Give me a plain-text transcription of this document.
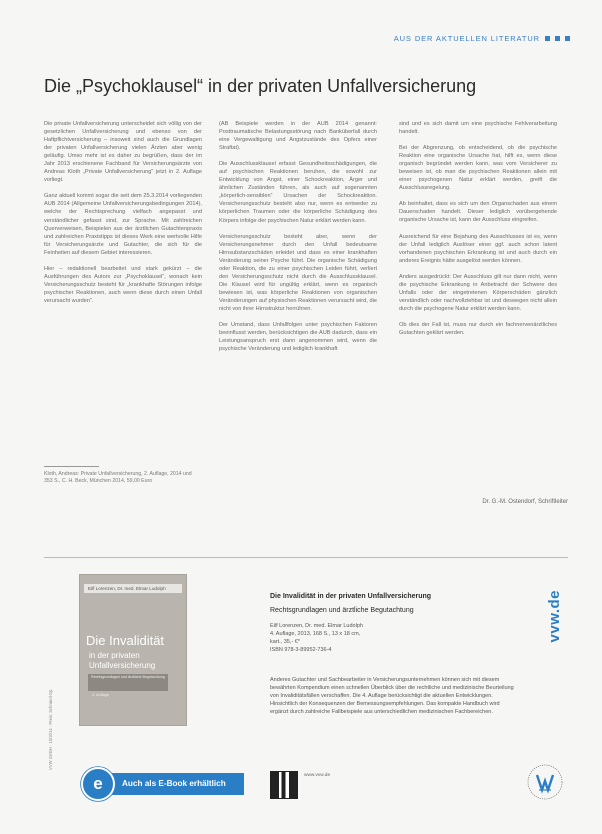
AUS DER AKTUELLEN LITERATUR
Die „Psychoklausel“ in der privaten Unfallversicherung

Die private Unfallversicherung unterscheidet sich völlig von der gesetzlichen Unfallversicherung und ebenso von der Haftpflichtversicherung – insoweit sind auch die Grundlagen der privaten Unfallversicherung vielen Ärzten aber wenig geläufig. Umso mehr ist es daher zu begrüßen, dass der im Jahr 2013 erschienene Fachband für Versicherungsärzte von Andreas Kloth „Private Unfallversicherung“ jetzt in 2. Auflage vorliegt.

Ganz aktuell kommt sogar die seit dem 25.3.2014 vorliegenden AUB 2014 (Allgemeine Unfallversicherungsbedingungen 2014), welche der Rechtsprechung vielfach angepasst und verständlicher gefasst sind, zur Sprache. Mit zahlreichen Querverweisen, Beispielen aus der ärztlichen Gutachtenpraxis und zahlreichen Praxistipps ist dieses Werk eine wertvolle Hilfe für Versicherungsärzte und Gutachter, die sich für die Feinheiten auf diesem Gebiet interessieren.

Hier – redaktionell bearbeitet und stark gekürzt – die Ausführungen des Autors zur „Psychoklausel“, wonach kein Versicherungsschutz besteht für „krankhafte Störungen infolge psychischer Reaktionen, auch wenn diese durch einen Unfall verursacht wurden“.

Kloth, Andreas: Private Unfallversicherung, 2. Auflage, 2014 und 353 S., C. H. Beck, München 2014, 59,00 Euro

(AB Beispiele werden in der AUB 2014 genannt: Posttraumatische Belastungsstörung nach Banküberfall durch eine Vergewaltigung und Angstzustände des Opfers einer Straftat).

Die Ausschlussklausel erfasst Gesundheitsschädigungen, die auf psychischen Reaktionen beruhen, die sowohl zur Entwicklung von Angst, einer Schockreaktion, Ärger und ähnlichen Zuständen führen, als auch auf sogenannten „körperlich-sensiblen“ Ursachen der Schockreaktion. Versicherungsschutz besteht also nur, wenn es entweder zu körperlichen Traumen oder die körperliche Schädigung des Körpers infolge der psychischen Natur erklärt werden kann.

Versicherungsschutz besteht aber, wenn der Versicherungsnehmer durch den Unfall bedeutsame Hirnsubstanzschäden erleidet und dass es einer krankhaften Veränderung seiner Psyche führt. Die organische Schädigung oder Reaktion, die zu einer psychischen Leiden führt, verliert den Versicherungsschutz nicht durch die Ausschlussklausel. Die Klausel wird für ungültig erklärt, wenn es organisch bewiesen ist, was körperliche Reaktionen von organischen Veränderungen auf physischen Reaktionen verursacht wird, die nicht von ihrer Hirnstruktur herrühren.

Der Umstand, dass Unfallfolgen unter psychischen Faktoren beeinflusst werden, berücksichtigen die AUB dadurch, dass ein Leistungsanspruch erst dann angenommen wird, wenn die psychische Veränderung und lediglich krankhaft

sind und es sich damit um eine psychische Fehlverarbeitung handelt.

Bei der Abgrenzung, ob entscheidend, ob die psychische Reaktion eine organische Ursache hat, hilft es, wenn diese organisch begründet werden kann, was vom Versicherer zu beweisen ist, ob man die psychischen Reaktionen allein mit einer psychogenen Natur erklärt werden, greift die Ausschlussregelung.

Ab beinhaltet, dass es sich um den Organschaden aus einem Dauerschaden handelt. Dieser lediglich vorübergehende organische Ursache ist, kann der Ausschluss eingreifen.

Ausreichend für eine Bejahung des Ausschlusses ist es, wenn der Unfall lediglich Auslöser einer ggf. auch schon latent vorhandenen psychischen Erkrankung ist und auch durch ein anderes Ereignis hätte ausgelöst werden können.

Anders ausgedrückt: Der Ausschluss gilt nur dann nicht, wenn die psychische Erkrankung in Anbetracht der Schwere des Unfalls oder der eingetretenen Körperschäden gänzlich verständlich oder nachvollziehbar ist und deswegen nicht allein durch die psychogene Natur erklärt werden kann.

Ob dies der Fall ist, muss nur durch ein fachnervenärztliches Gutachten geklärt werden.

Dr. G.-M. Ostendorf, Schriftleiter
Eilf Lorenzen, Dr. med. Elmar Ludolph
Die Invalidität
in der privaten
Unfallversicherung
Rechtsgrundlagen und ärztliche Begutachtung
4. Auflage
VVW GmbH · 10/2014 · Preis: Schraenl-Sp.
Auch als E-Book erhältlich
e
Die Invalidität in der privaten Unfallversicherung
Rechtsgrundlagen und ärztliche Begutachtung
Eilf Lorenzen, Dr. med. Elmar Ludolph
4. Auflage, 2013, 168 S., 13 x 18 cm,
kart., 35,- €*
ISBN 978-3-89952-736-4
Anderes Gutachter und Sachbearbeiter in Versicherungsunternehmen können sich mit diesem bewährten Kompendium einen schnellen Überblick über die rechtliche und medizinische Beurteilung von Invaliditätsfällen verschaffen. Die 4. Auflage berücksichtigt die aktuellen Entwicklungen. Hinsichtlich der Konsequenzen der Bemessungsempfehlungen. Das kompakte Handbuch wird ergänzt durch zahlreiche Fallbeispiele aus unterschiedlichen medizinischen Fachbereichen.
www.vvw.de
vvw.de
